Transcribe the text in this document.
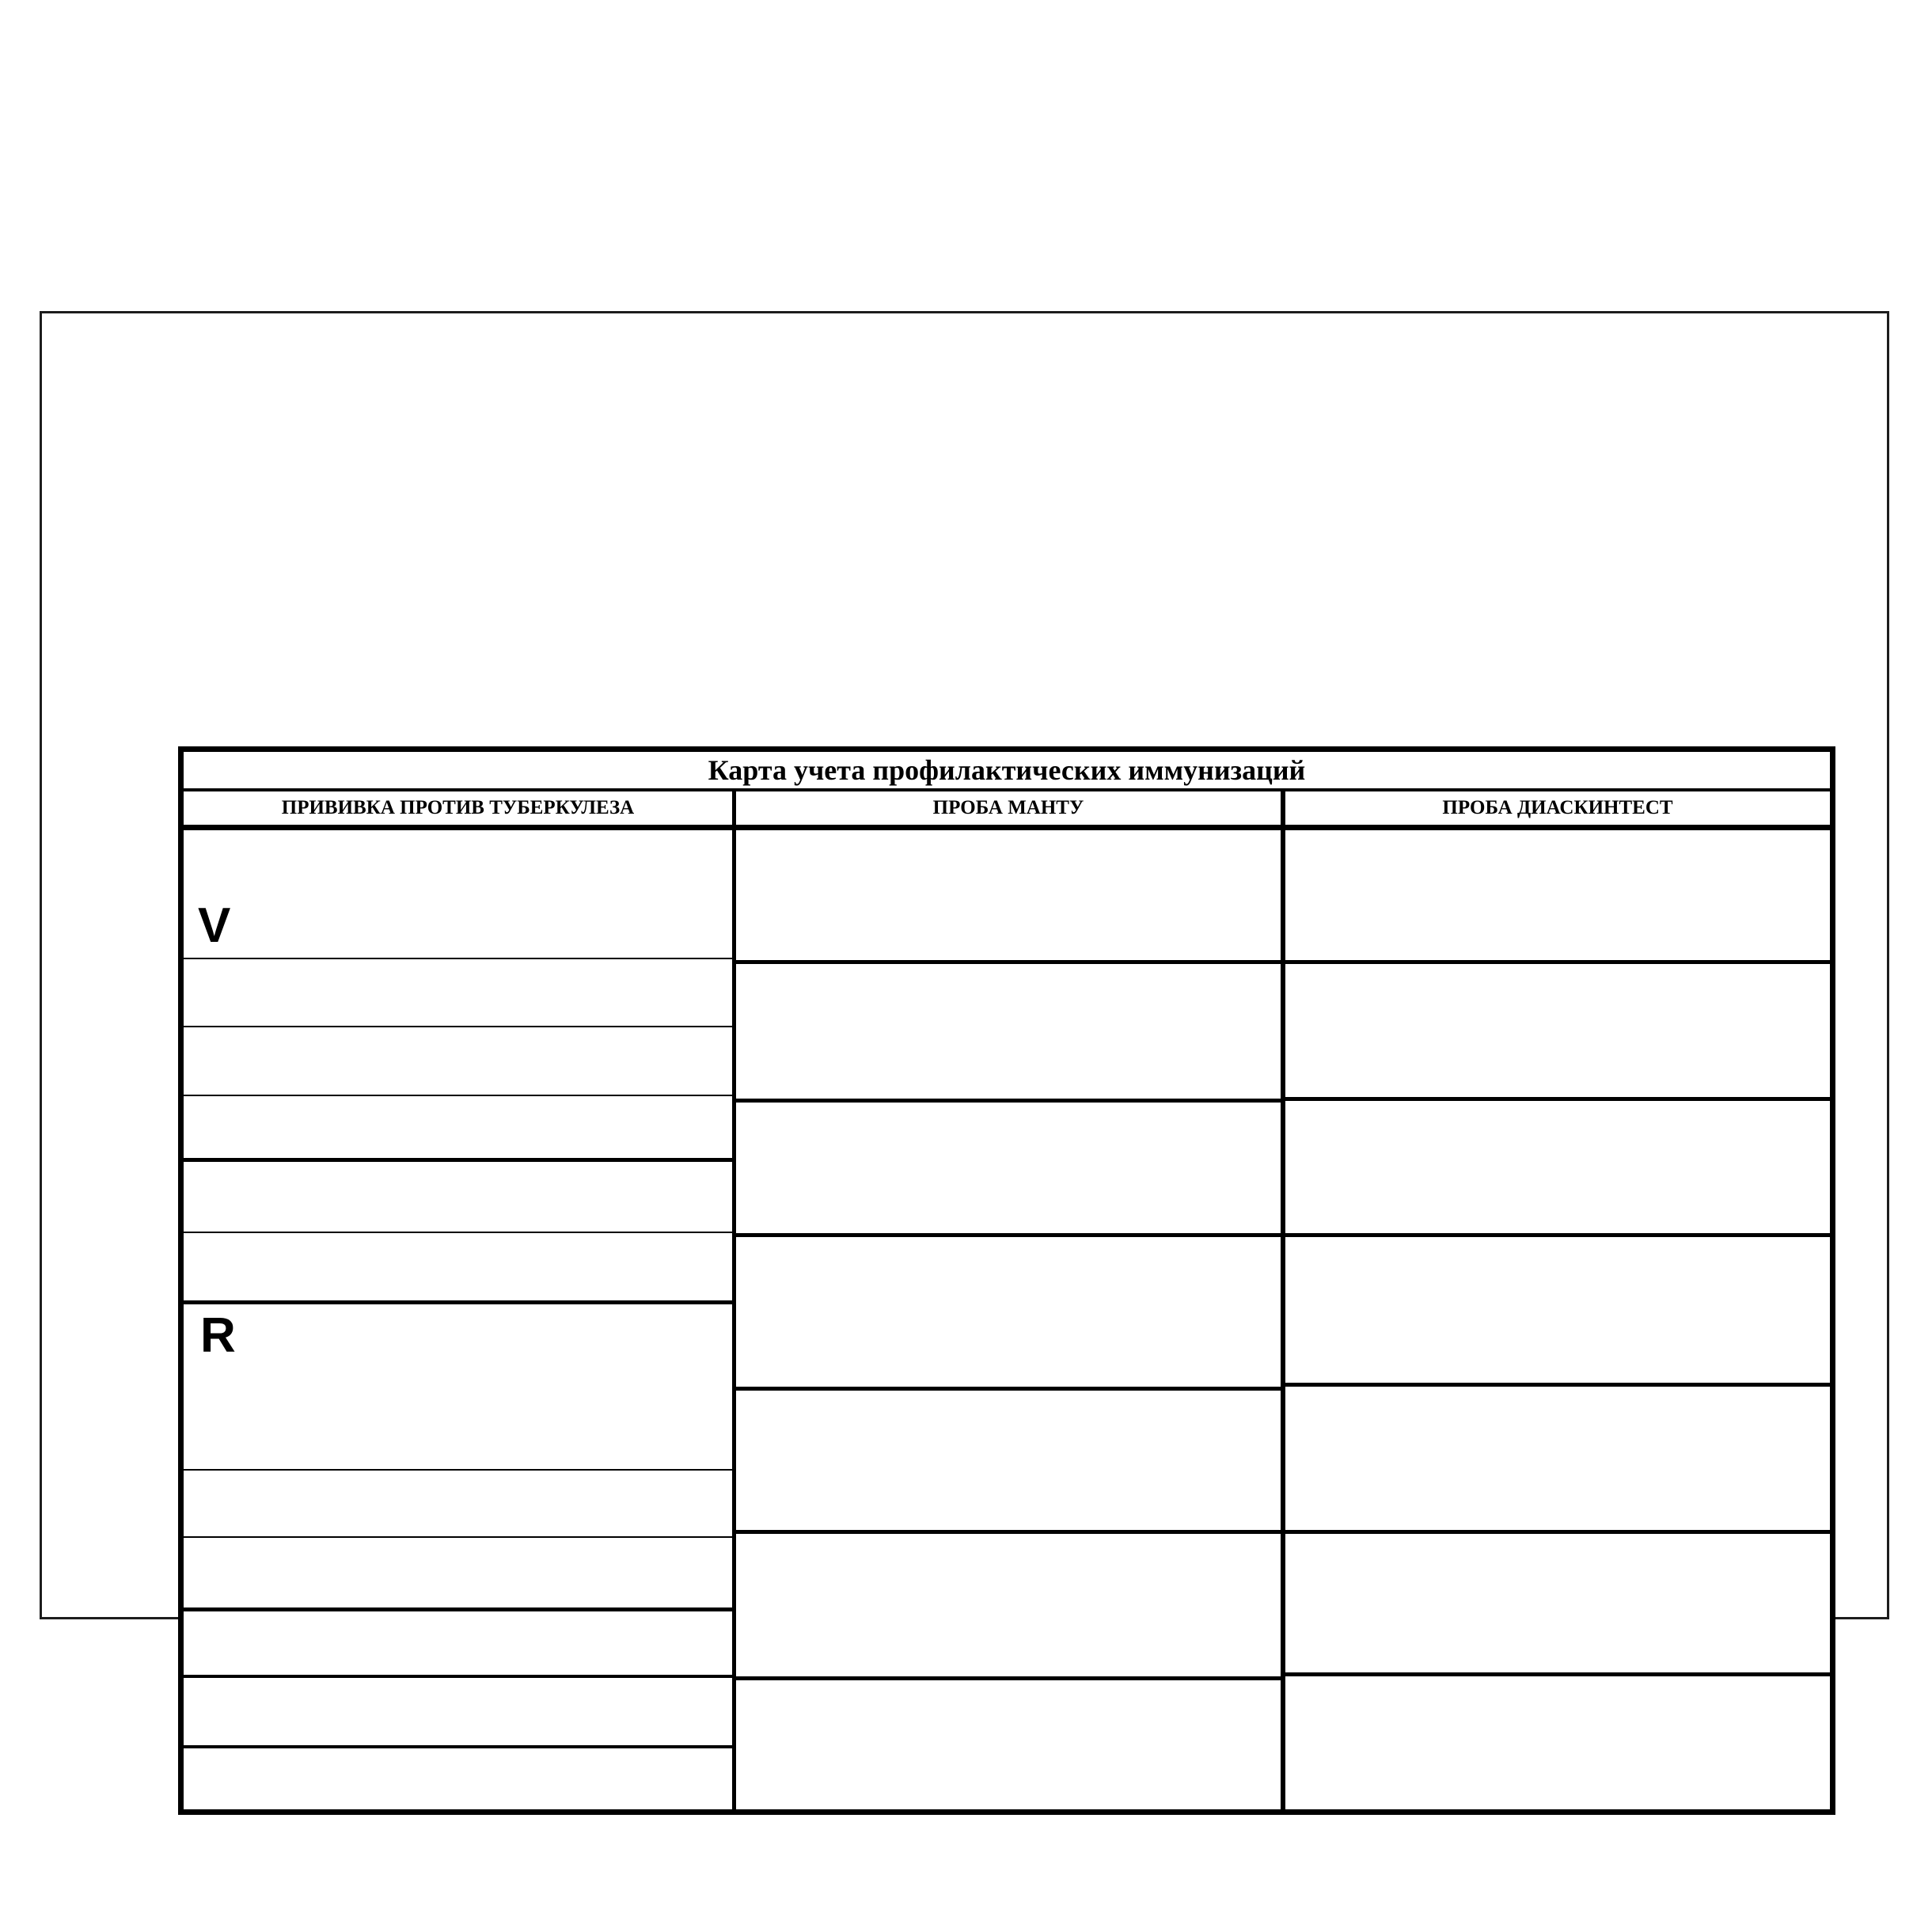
Карта учета профилактических иммунизаций
ПРИВИВКА ПРОТИВ ТУБЕРКУЛЕЗА	ПРОБА МАНТУ	ПРОБА ДИАСКИНТЕСТ
V
R
